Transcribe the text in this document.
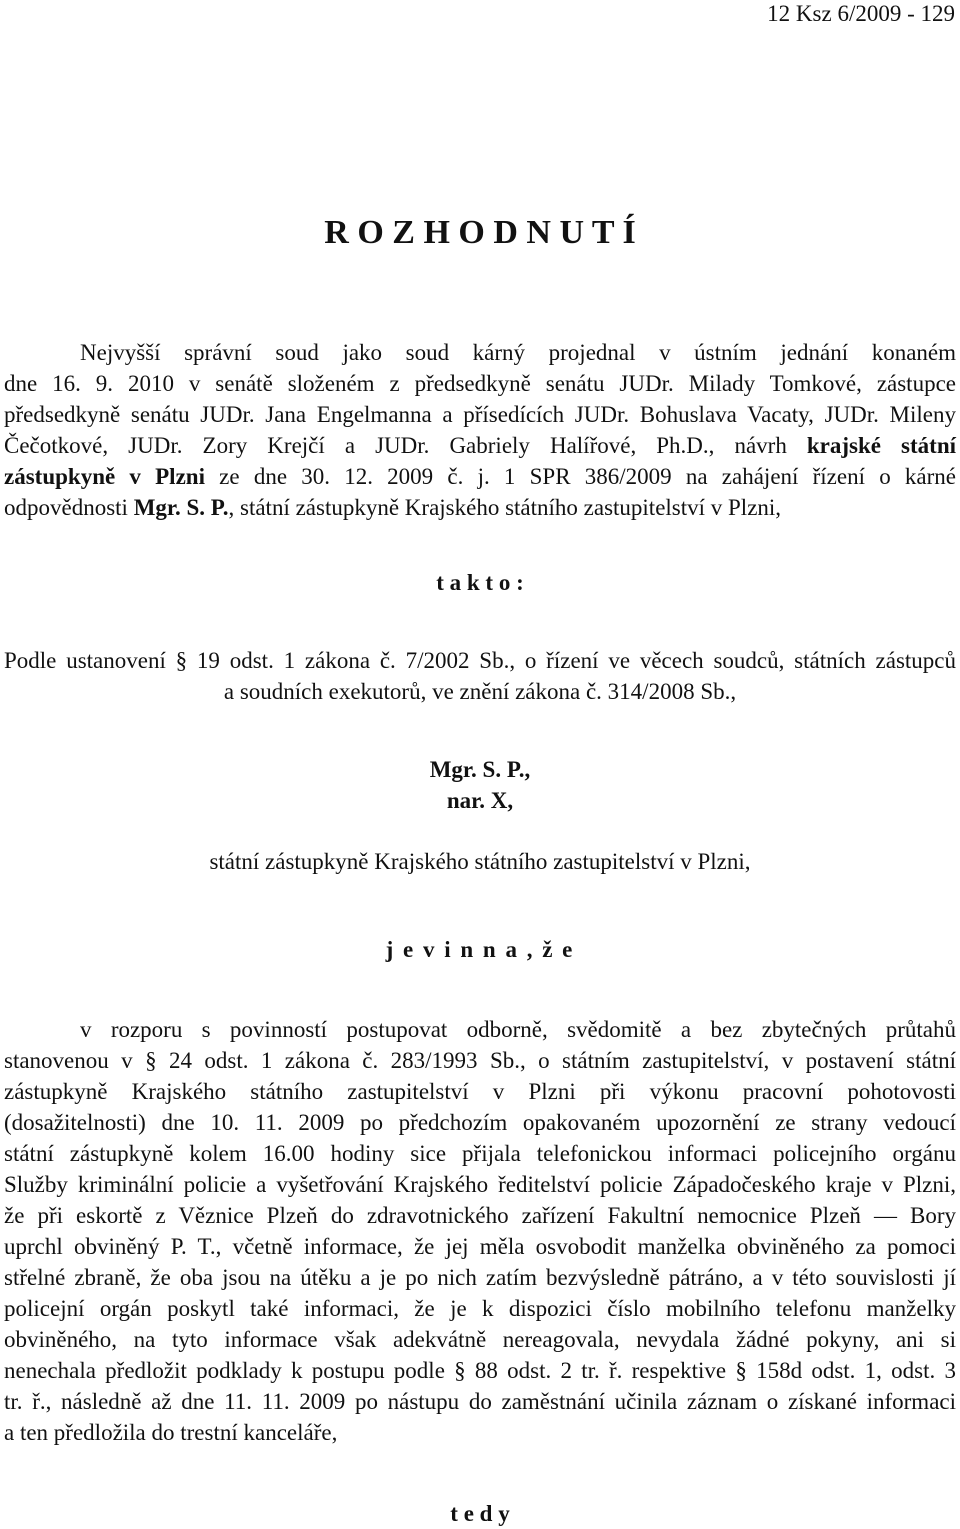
12 Ksz 6/2009 - 129
R O Z H O D N U T Í
Nejvyšší správní soud jako soud kárný projednal v ústním jednání konaném
dne 16. 9. 2010 v senátě složeném z předsedkyně senátu JUDr. Milady Tomkové, zástupce
předsedkyně senátu JUDr. Jana Engelmanna a přísedících JUDr. Bohuslava Vacaty, JUDr. Mileny
Čečotkové, JUDr. Zory Krejčí a JUDr. Gabriely Halířové, Ph.D., návrh krajské státní
zástupkyně v Plzni ze dne 30. 12. 2009 č. j. 1 SPR 386/2009 na zahájení řízení o kárné
odpovědnosti Mgr. S. P., státní zástupkyně Krajského státního zastupitelství v Plzni,
t a k t o :
Podle ustanovení § 19 odst. 1 zákona č. 7/2002 Sb., o řízení ve věcech soudců, státních zástupců
a soudních exekutorů, ve znění zákona č. 314/2008 Sb.,
Mgr. S. P.,
nar. X,
státní zástupkyně Krajského státního zastupitelství v Plzni,
j e v i n n a , ž e
v rozporu s povinností postupovat odborně, svědomitě a bez zbytečných průtahů
stanovenou v § 24 odst. 1 zákona č. 283/1993 Sb., o státním zastupitelství, v postavení státní
zástupkyně Krajského státního zastupitelství v Plzni při výkonu pracovní pohotovosti
(dosažitelnosti) dne 10. 11. 2009 po předchozím opakovaném upozornění ze strany vedoucí
státní zástupkyně kolem 16.00 hodiny sice přijala telefonickou informaci policejního orgánu
Služby kriminální policie a vyšetřování Krajského ředitelství policie Západočeského kraje v Plzni,
že při eskortě z Věznice Plzeň do zdravotnického zařízení Fakultní nemocnice Plzeň — Bory
uprchl obviněný P. T., včetně informace, že jej měla osvobodit manželka obviněného za pomoci
střelné zbraně, že oba jsou na útěku a je po nich zatím bezvýsledně pátráno, a v této souvislosti jí
policejní orgán poskytl také informaci, že je k dispozici číslo mobilního telefonu manželky
obviněného, na tyto informace však adekvátně nereagovala, nevydala žádné pokyny, ani si
nenechala předložit podklady k postupu podle § 88 odst. 2 tr. ř. respektive § 158d odst. 1, odst. 3
tr. ř., následně až dne 11. 11. 2009 po nástupu do zaměstnání učinila záznam o získané informaci
a ten předložila do trestní kanceláře,
t e d y
